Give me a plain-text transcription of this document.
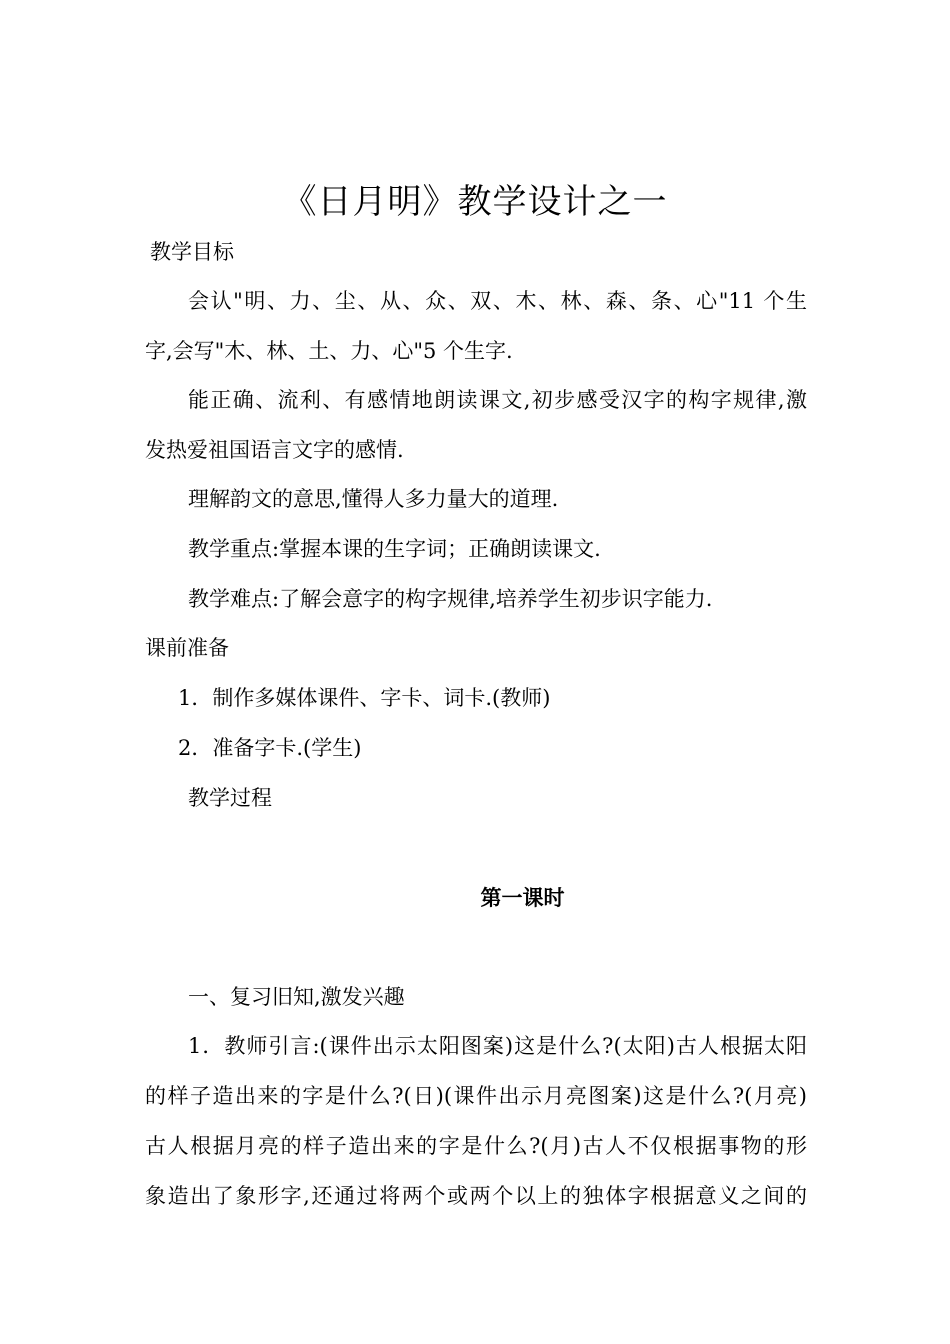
《日月明》教学设计之一
教学目标
会认"明、力、尘、从、众、双、木、林、森、条、心"11 个生
字,会写"木、林、土、力、心"5 个生字.
能正确、流利、有感情地朗读课文,初步感受汉字的构字规律,激
发热爱祖国语言文字的感情.
理解韵文的意思,懂得人多力量大的道理.
教学重点:掌握本课的生字词；正确朗读课文.
教学难点:了解会意字的构字规律,培养学生初步识字能力.
课前准备
1．制作多媒体课件、字卡、词卡.(教师)
2．准备字卡.(学生)
教学过程
第一课时
一、复习旧知,激发兴趣
1．教师引言:(课件出示太阳图案)这是什么?(太阳)古人根据太阳
的样子造出来的字是什么?(日)(课件出示月亮图案)这是什么?(月亮)
古人根据月亮的样子造出来的字是什么?(月)古人不仅根据事物的形
象造出了象形字,还通过将两个或两个以上的独体字根据意义之间的
